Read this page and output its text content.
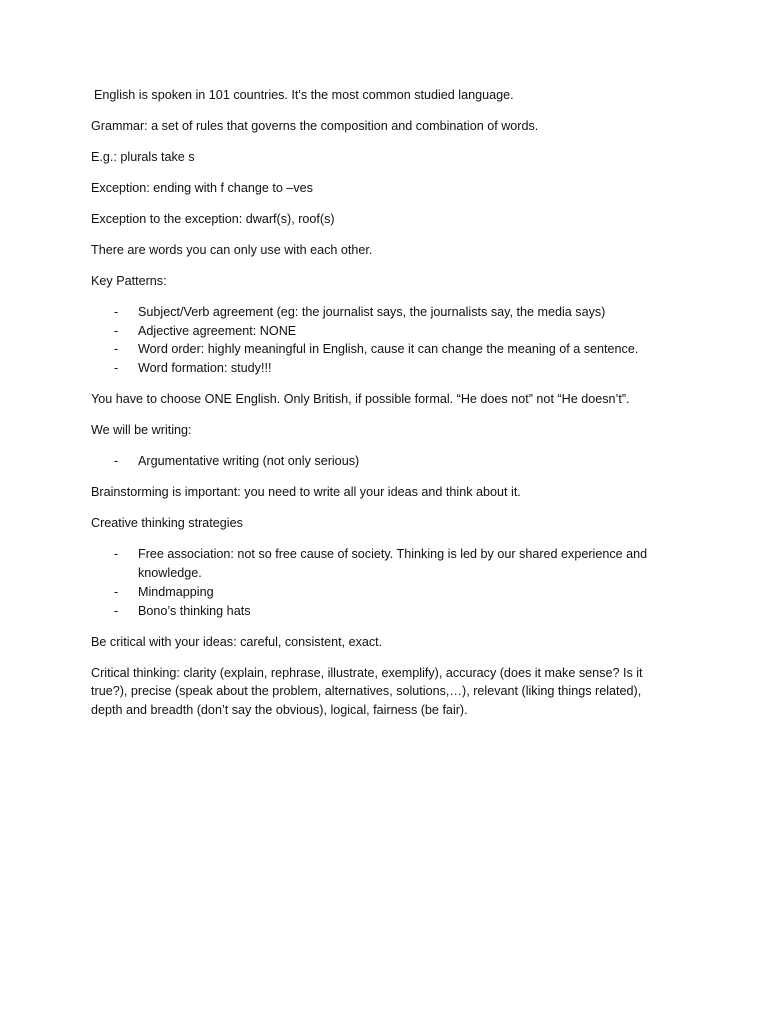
English is spoken in 101 countries. It's the most common studied language.

Grammar: a set of rules that governs the composition and combination of words.

E.g.: plurals take s

Exception: ending with f change to –ves

Exception to the exception: dwarf(s), roof(s)

There are words you can only use with each other.

Key Patterns:

- Subject/Verb agreement (eg: the journalist says, the journalists say, the media says)
- Adjective agreement: NONE
- Word order: highly meaningful in English, cause it can change the meaning of a sentence.
- Word formation: study!!!

You have to choose ONE English. Only British, if possible formal. “He does not” not “He doesn’t”.

We will be writing:

- Argumentative writing (not only serious)

Brainstorming is important: you need to write all your ideas and think about it.

Creative thinking strategies

- Free association: not so free cause of society. Thinking is led by our shared experience and knowledge.
- Mindmapping
- Bono’s thinking hats

Be critical with your ideas: careful, consistent, exact.

Critical thinking: clarity (explain, rephrase, illustrate, exemplify), accuracy (does it make sense? Is it true?), precise (speak about the problem, alternatives, solutions,…), relevant (liking things related), depth and breadth (don’t say the obvious), logical, fairness (be fair).
